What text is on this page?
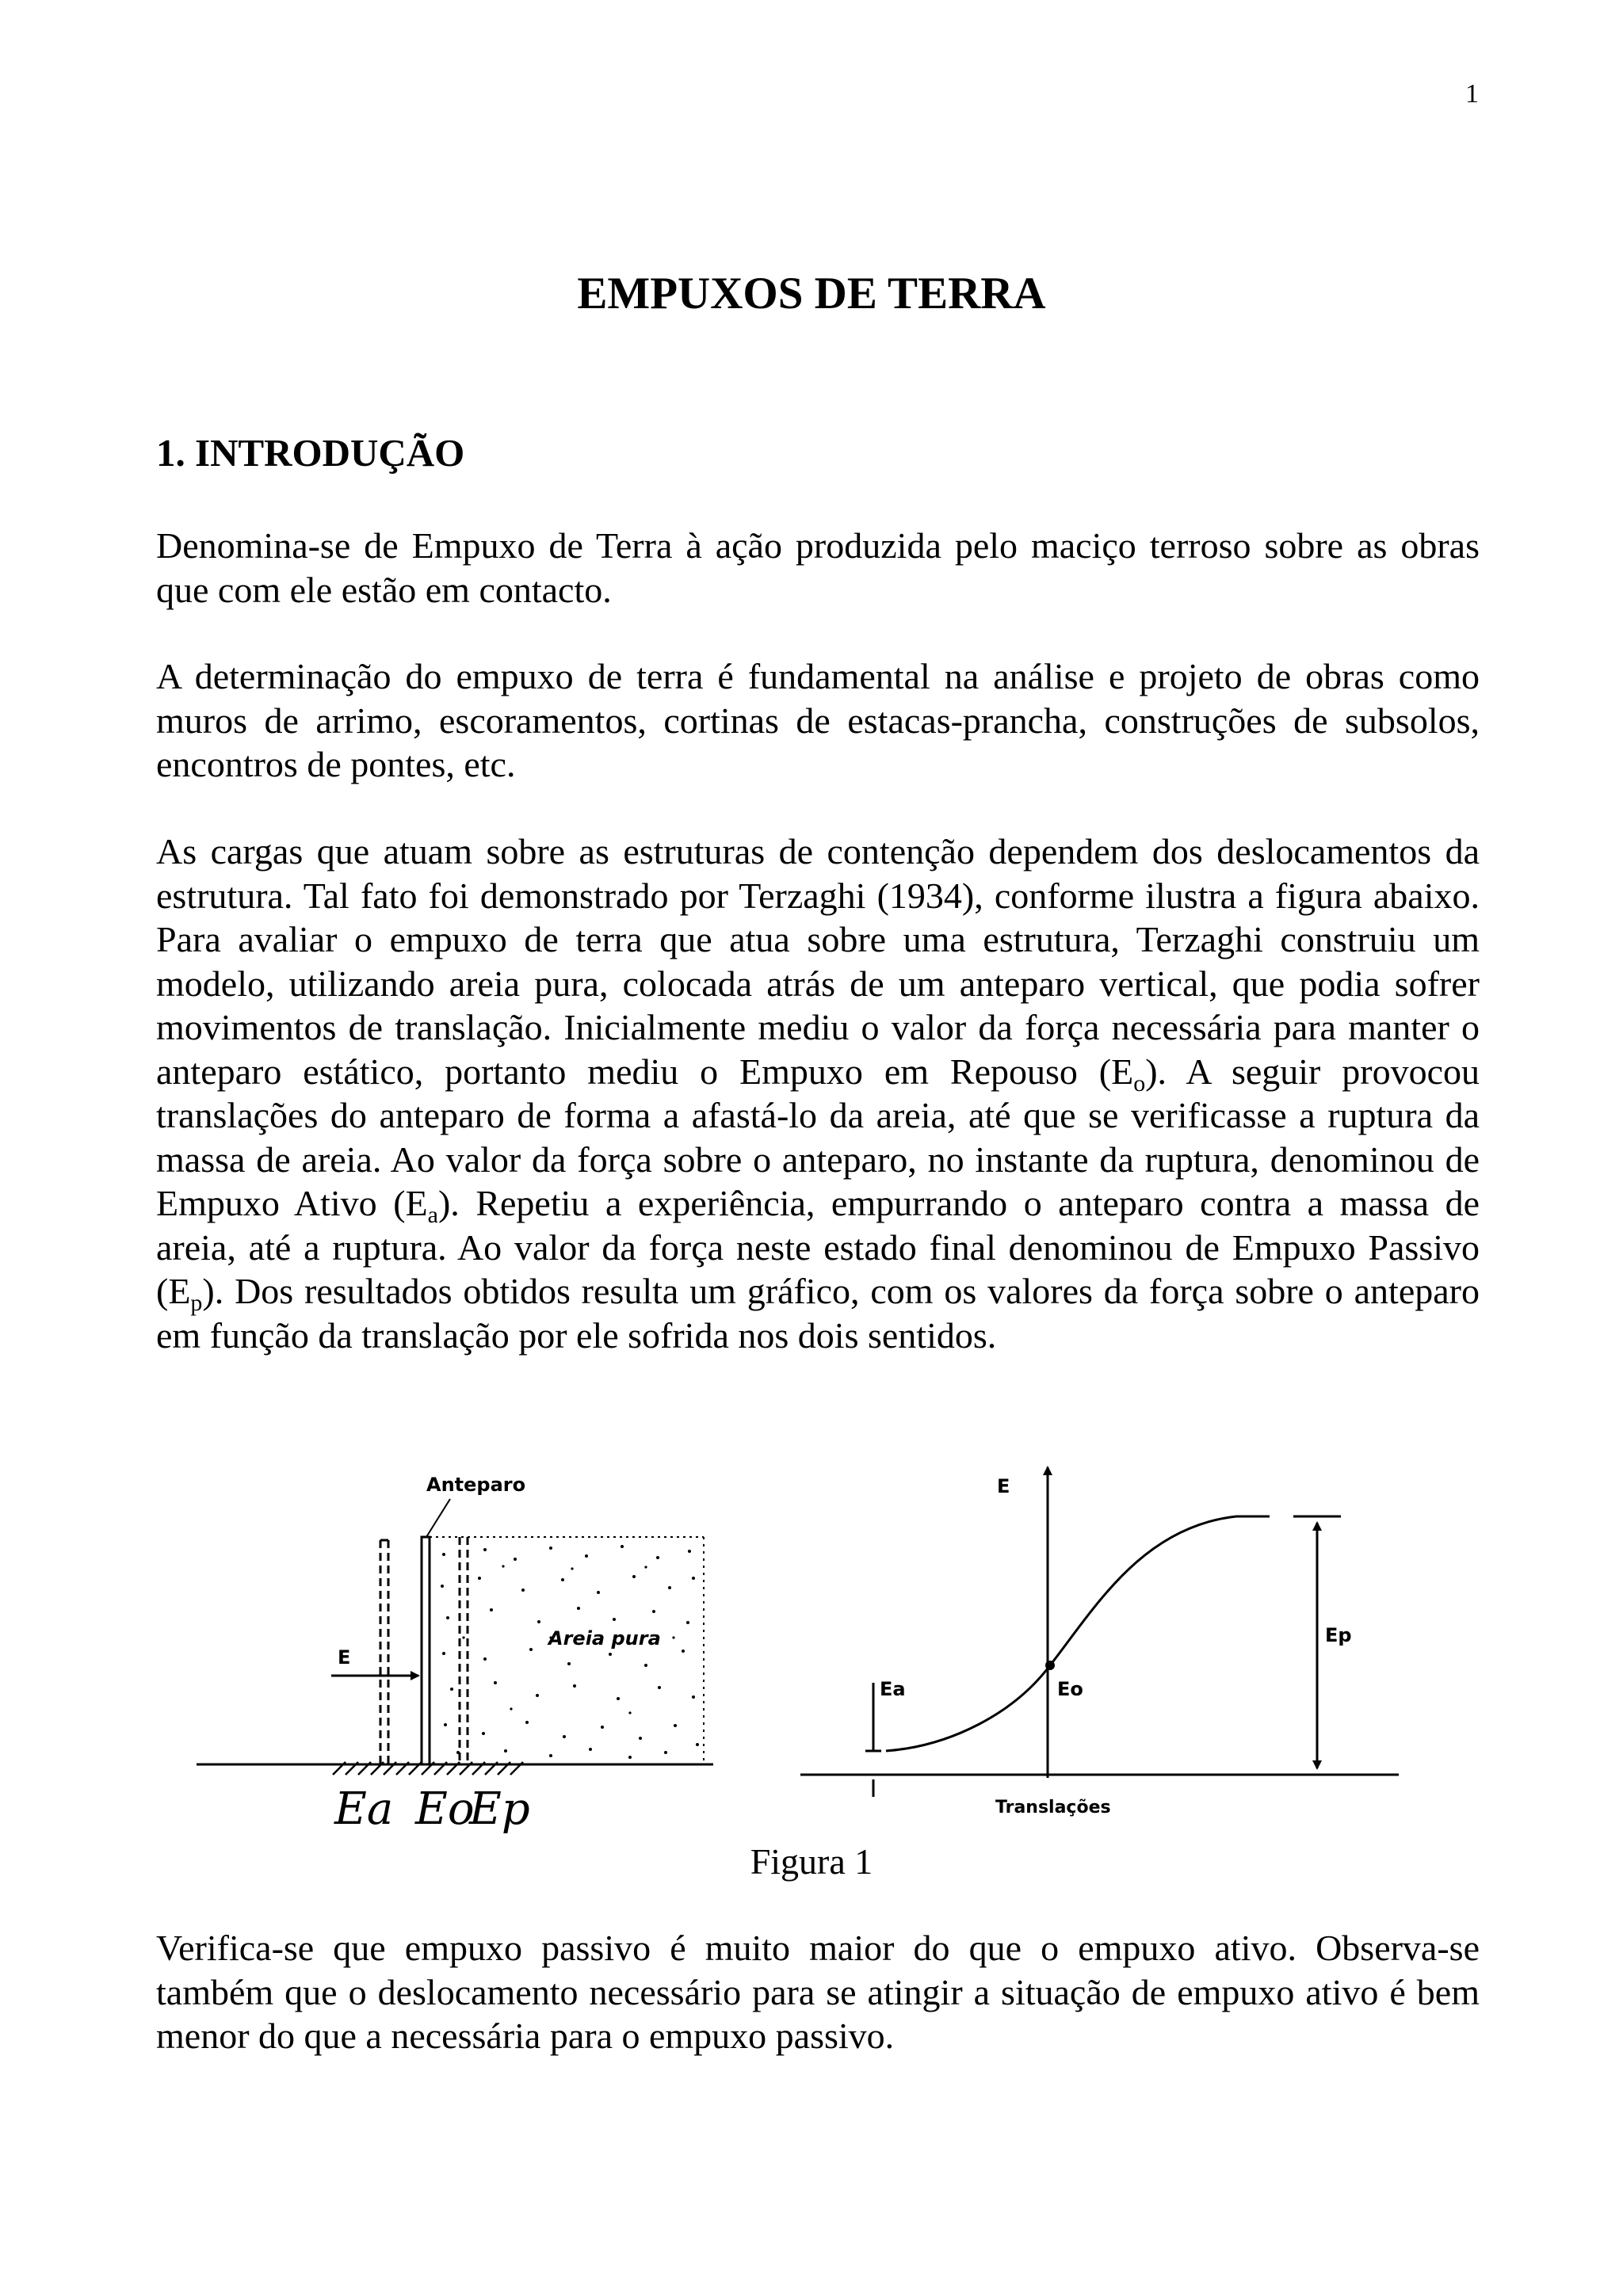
1
EMPUXOS DE TERRA
1. INTRODUÇÃO

Denomina-se de Empuxo de Terra à ação produzida pelo maciço terroso sobre as obras que com ele estão em contacto.

A determinação do empuxo de terra é fundamental na análise e projeto de obras como muros de arrimo, escoramentos, cortinas de estacas-prancha, construções de subsolos, encontros de pontes, etc.

As cargas que atuam sobre as estruturas de contenção dependem dos deslocamentos da estrutura. Tal fato foi demonstrado por Terzaghi (1934), conforme ilustra a figura abaixo. Para avaliar o empuxo de terra que atua sobre uma estrutura, Terzaghi construiu um modelo, utilizando areia pura, colocada atrás de um anteparo vertical, que podia sofrer movimentos de translação. Inicialmente mediu o valor da força necessária para manter o anteparo estático, portanto mediu o Empuxo em Repouso $(E_o)$. A seguir provocou translações do anteparo de forma a afastá-lo da areia, até que se verificasse a ruptura da massa de areia. Ao valor da força sobre o anteparo, no instante da ruptura, denominou de Empuxo Ativo $(E_a)$. Repetiu a experiência, empurrando o anteparo contra a massa de areia, até a ruptura. Ao valor da força neste estado final denominou de Empuxo Passivo $(E_p)$. Dos resultados obtidos resulta um gráfico, com os valores da força sobre o anteparo em função da translação por ele sofrida nos dois sentidos.

Anteparo
Areia pura
E
Ea Eo
Ep
E
Translações
Eo
Ea
Ep

Figura 1

Verifica-se que empuxo passivo é muito maior do que o empuxo ativo. Observa-se também que o deslocamento necessário para se atingir a situação de empuxo ativo é bem menor do que a necessária para o empuxo passivo.
